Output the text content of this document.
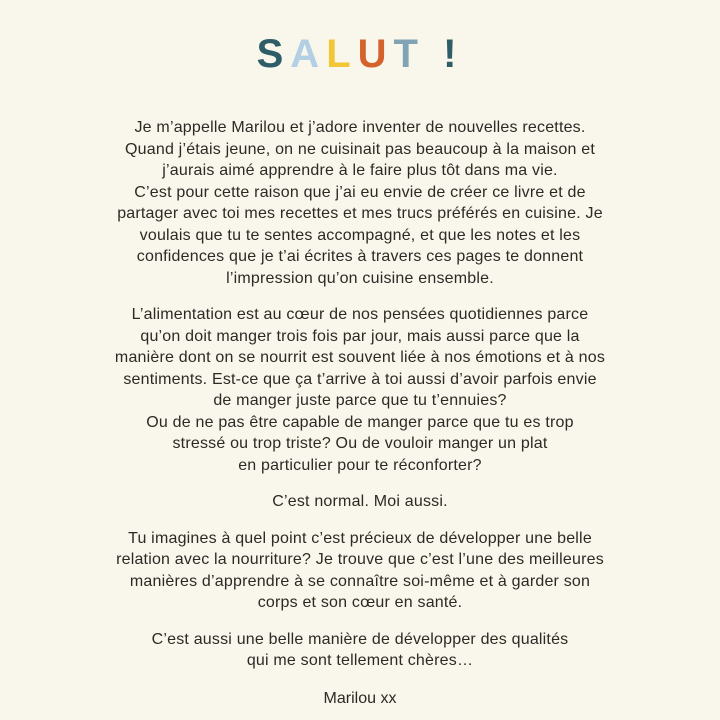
SALUT !
Je m’appelle Marilou et j’adore inventer de nouvelles recettes.
Quand j’étais jeune, on ne cuisinait pas beaucoup à la maison et
j’aurais aimé apprendre à le faire plus tôt dans ma vie.
C’est pour cette raison que j’ai eu envie de créer ce livre et de
partager avec toi mes recettes et mes trucs préférés en cuisine. Je
voulais que tu te sentes accompagné, et que les notes et les
confidences que je t’ai écrites à travers ces pages te donnent
l’impression qu’on cuisine ensemble.
L’alimentation est au cœur de nos pensées quotidiennes parce
qu’on doit manger trois fois par jour, mais aussi parce que la
manière dont on se nourrit est souvent liée à nos émotions et à nos
sentiments. Est-ce que ça t’arrive à toi aussi d’avoir parfois envie
de manger juste parce que tu t’ennuies?
Ou de ne pas être capable de manger parce que tu es trop
stressé ou trop triste? Ou de vouloir manger un plat
en particulier pour te réconforter?
C’est normal. Moi aussi.
Tu imagines à quel point c’est précieux de développer une belle
relation avec la nourriture? Je trouve que c’est l’une des meilleures
manières d’apprendre à se connaître soi-même et à garder son
corps et son cœur en santé.
C’est aussi une belle manière de développer des qualités
qui me sont tellement chères…
Marilou xx
